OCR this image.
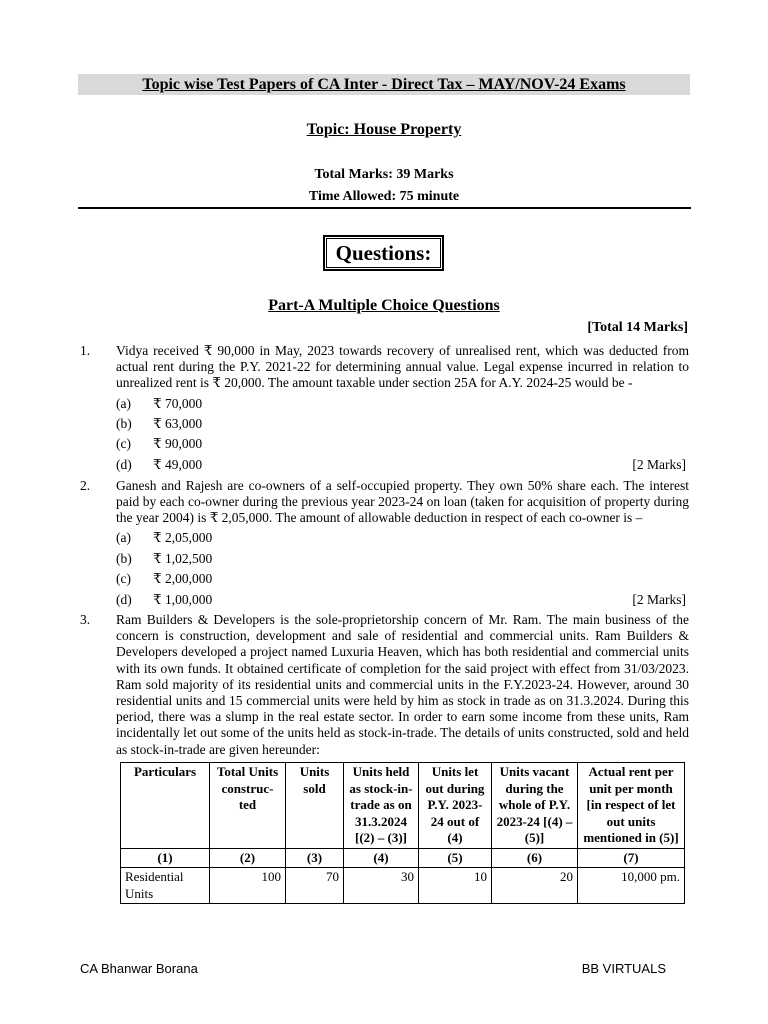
Topic wise Test Papers of CA Inter - Direct Tax – MAY/NOV-24 Exams
Topic: House Property
Total Marks: 39 Marks
Time Allowed: 75 minute
Questions:
Part-A Multiple Choice Questions
[Total 14 Marks]
1. Vidya received ₹ 90,000 in May, 2023 towards recovery of unrealised rent, which was deducted from actual rent during the P.Y. 2021-22 for determining annual value. Legal expense incurred in relation to unrealized rent is ₹ 20,000. The amount taxable under section 25A for A.Y. 2024-25 would be -
(a) ₹ 70,000
(b) ₹ 63,000
(c) ₹ 90,000
(d) ₹ 49,000	[2 Marks]
2. Ganesh and Rajesh are co-owners of a self-occupied property. They own 50% share each. The interest paid by each co-owner during the previous year 2023-24 on loan (taken for acquisition of property during the year 2004) is ₹ 2,05,000. The amount of allowable deduction in respect of each co-owner is –
(a) ₹ 2,05,000
(b) ₹ 1,02,500
(c) ₹ 2,00,000
(d) ₹ 1,00,000	[2 Marks]
3. Ram Builders & Developers is the sole-proprietorship concern of Mr. Ram. The main business of the concern is construction, development and sale of residential and commercial units. Ram Builders & Developers developed a project named Luxuria Heaven, which has both residential and commercial units with its own funds. It obtained certificate of completion for the said project with effect from 31/03/2023. Ram sold majority of its residential units and commercial units in the F.Y.2023-24. However, around 30 residential units and 15 commercial units were held by him as stock in trade as on 31.3.2024. During this period, there was a slump in the real estate sector. In order to earn some income from these units, Ram incidentally let out some of the units held as stock-in-trade. The details of units constructed, sold and held as stock-in-trade are given hereunder:
Particulars	Total Units construc-ted	Units sold	Units held as stock-in-trade as on 31.3.2024 [(2) – (3)]	Units let out during P.Y. 2023-24 out of (4)	Units vacant during the whole of P.Y. 2023-24 [(4) – (5)]	Actual rent per unit per month [in respect of let out units mentioned in (5)]
(1)	(2)	(3)	(4)	(5)	(6)	(7)
Residential Units	100	70	30	10	20	10,000 pm.
CA Bhanwar Borana	BB VIRTUALS
